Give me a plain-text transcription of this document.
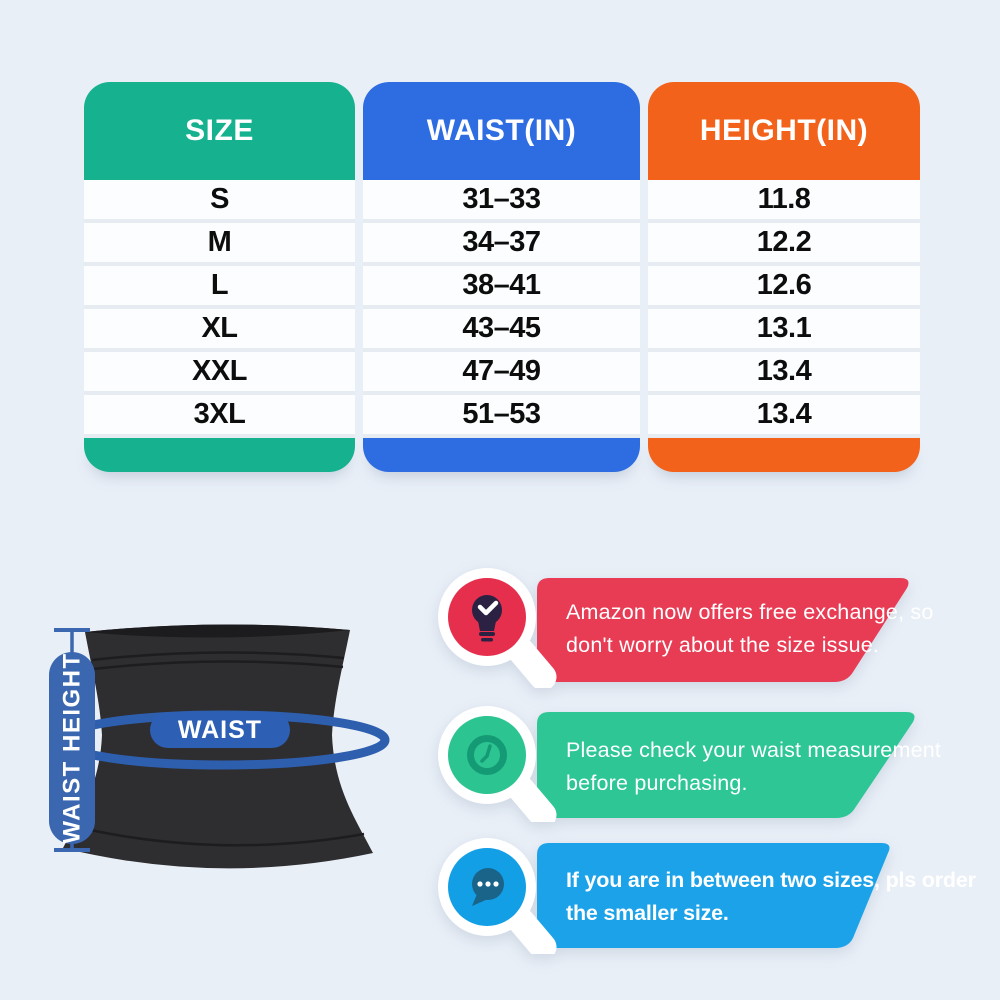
SIZE
S
M
L
XL
XXL
3XL
WAIST(IN)
31–33
34–37
38–41
43–45
47–49
51–53
HEIGHT(IN)
11.8
12.2
12.6
13.1
13.4
13.4
WAIST
WAIST HEIGHT
Amazon now offers free exchange, so
don't worry about the size issue.
Please check your waist measurement
before purchasing.
If you are in between two sizes, pls order
the smaller size.
